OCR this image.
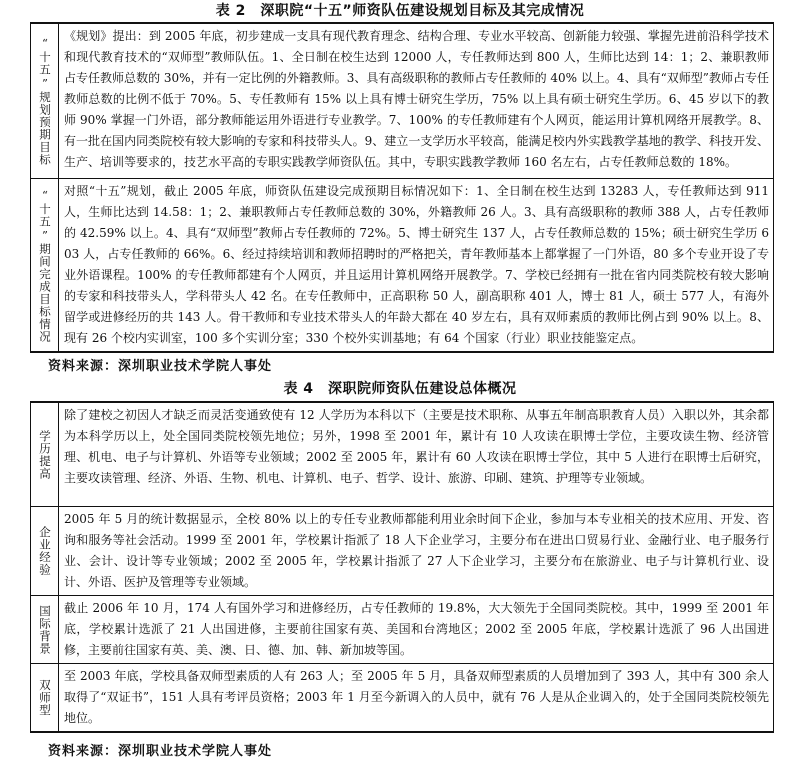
表 2　深职院“十五”师资队伍建设规划目标及其完成情况
“十五”规划预期目标	《规划》提出：到 2005 年底，初步建成一支具有现代教育理念、结构合理、专业水平较高、创新能力较强、掌握先进前沿科学技术和现代教育技术的“双师型”教师队伍。1、全日制在校生达到 12000 人，专任教师达到 800 人，生师比达到 14：1；2、兼职教师占专任教师总数的 30%，并有一定比例的外籍教师。3、具有高级职称的教师占专任教师的 40% 以上。4、具有“双师型”教师占专任教师总数的比例不低于 70%。5、专任教师有 15% 以上具有博士研究生学历，75% 以上具有硕士研究生学历。6、45 岁以下的教师 90% 掌握一门外语，部分教师能运用外语进行专业教学。7、100% 的专任教师建有个人网页，能运用计算机网络开展教学。8、有一批在国内同类院校有较大影响的专家和科技带头人。9、建立一支学历水平较高，能满足校内外实践教学基地的教学、科技开发、生产、培训等要求的，技艺水平高的专职实践教学师资队伍。其中，专职实践教学教师 160 名左右，占专任教师总数的 18%。
“十五”期间完成目标情况	对照“十五”规划，截止 2005 年底，师资队伍建设完成预期目标情况如下：1、全日制在校生达到 13283 人，专任教师达到 911 人，生师比达到 14.58：1；2、兼职教师占专任教师总数的 30%，外籍教师 26 人。3、具有高级职称的教师 388 人，占专任教师的 42.59% 以上。4、具有“双师型”教师占专任教师的 72%。5、博士研究生 137 人，占专任教师总数的 15%；硕士研究生学历 603 人，占专任教师的 66%。6、经过持续培训和教师招聘时的严格把关，青年教师基本上都掌握了一门外语，80 多个专业开设了专业外语课程。100% 的专任教师都建有个人网页，并且运用计算机网络开展教学。7、学校已经拥有一批在省内同类院校有较大影响的专家和科技带头人，学科带头人 42 名。在专任教师中，正高职称 50 人，副高职称 401 人，博士 81 人，硕士 577 人，有海外留学或进修经历的共 143 人。骨干教师和专业技术带头人的年龄大都在 40 岁左右，具有双师素质的教师比例占到 90% 以上。8、现有 26 个校内实训室，100 多个实训分室；330 个校外实训基地；有 64 个国家（行业）职业技能鉴定点。
资料来源：深圳职业技术学院人事处
表 4　深职院师资队伍建设总体概况
学历提高	除了建校之初因人才缺乏而灵活变通致使有 12 人学历为本科以下（主要是技术职称、从事五年制高职教育人员）入职以外，其余都为本科学历以上，处全国同类院校领先地位；另外，1998 至 2001 年，累计有 10 人攻读在职博士学位，主要攻读生物、经济管理、机电、电子与计算机、外语等专业领域；2002 至 2005 年，累计有 60 人攻读在职博士学位，其中 5 人进行在职博士后研究，主要攻读管理、经济、外语、生物、机电、计算机、电子、哲学、设计、旅游、印刷、建筑、护理等专业领域。
企业经验	2005 年 5 月的统计数据显示，全校 80% 以上的专任专业教师都能利用业余时间下企业，参加与本专业相关的技术应用、开发、咨询和服务等社会活动。1999 至 2001 年，学校累计指派了 18 人下企业学习，主要分布在进出口贸易行业、金融行业、电子服务行业、会计、设计等专业领域；2002 至 2005 年，学校累计指派了 27 人下企业学习，主要分布在旅游业、电子与计算机行业、设计、外语、医护及管理等专业领域。
国际背景	截止 2006 年 10 月，174 人有国外学习和进修经历，占专任教师的 19.8%，大大领先于全国同类院校。其中，1999 至 2001 年底，学校累计选派了 21 人出国进修，主要前往国家有英、美国和台湾地区；2002 至 2005 年底，学校累计选派了 96 人出国进修，主要前往国家有英、美、澳、日、德、加、韩、新加坡等国。
双师型	至 2003 年底，学校具备双师型素质的人有 263 人；至 2005 年 5 月，具备双师型素质的人员增加到了 393 人，其中有 300 余人取得了“双证书”，151 人具有考评员资格；2003 年 1 月至今新调入的人员中，就有 76 人是从企业调入的，处于全国同类院校领先地位。
资料来源：深圳职业技术学院人事处
